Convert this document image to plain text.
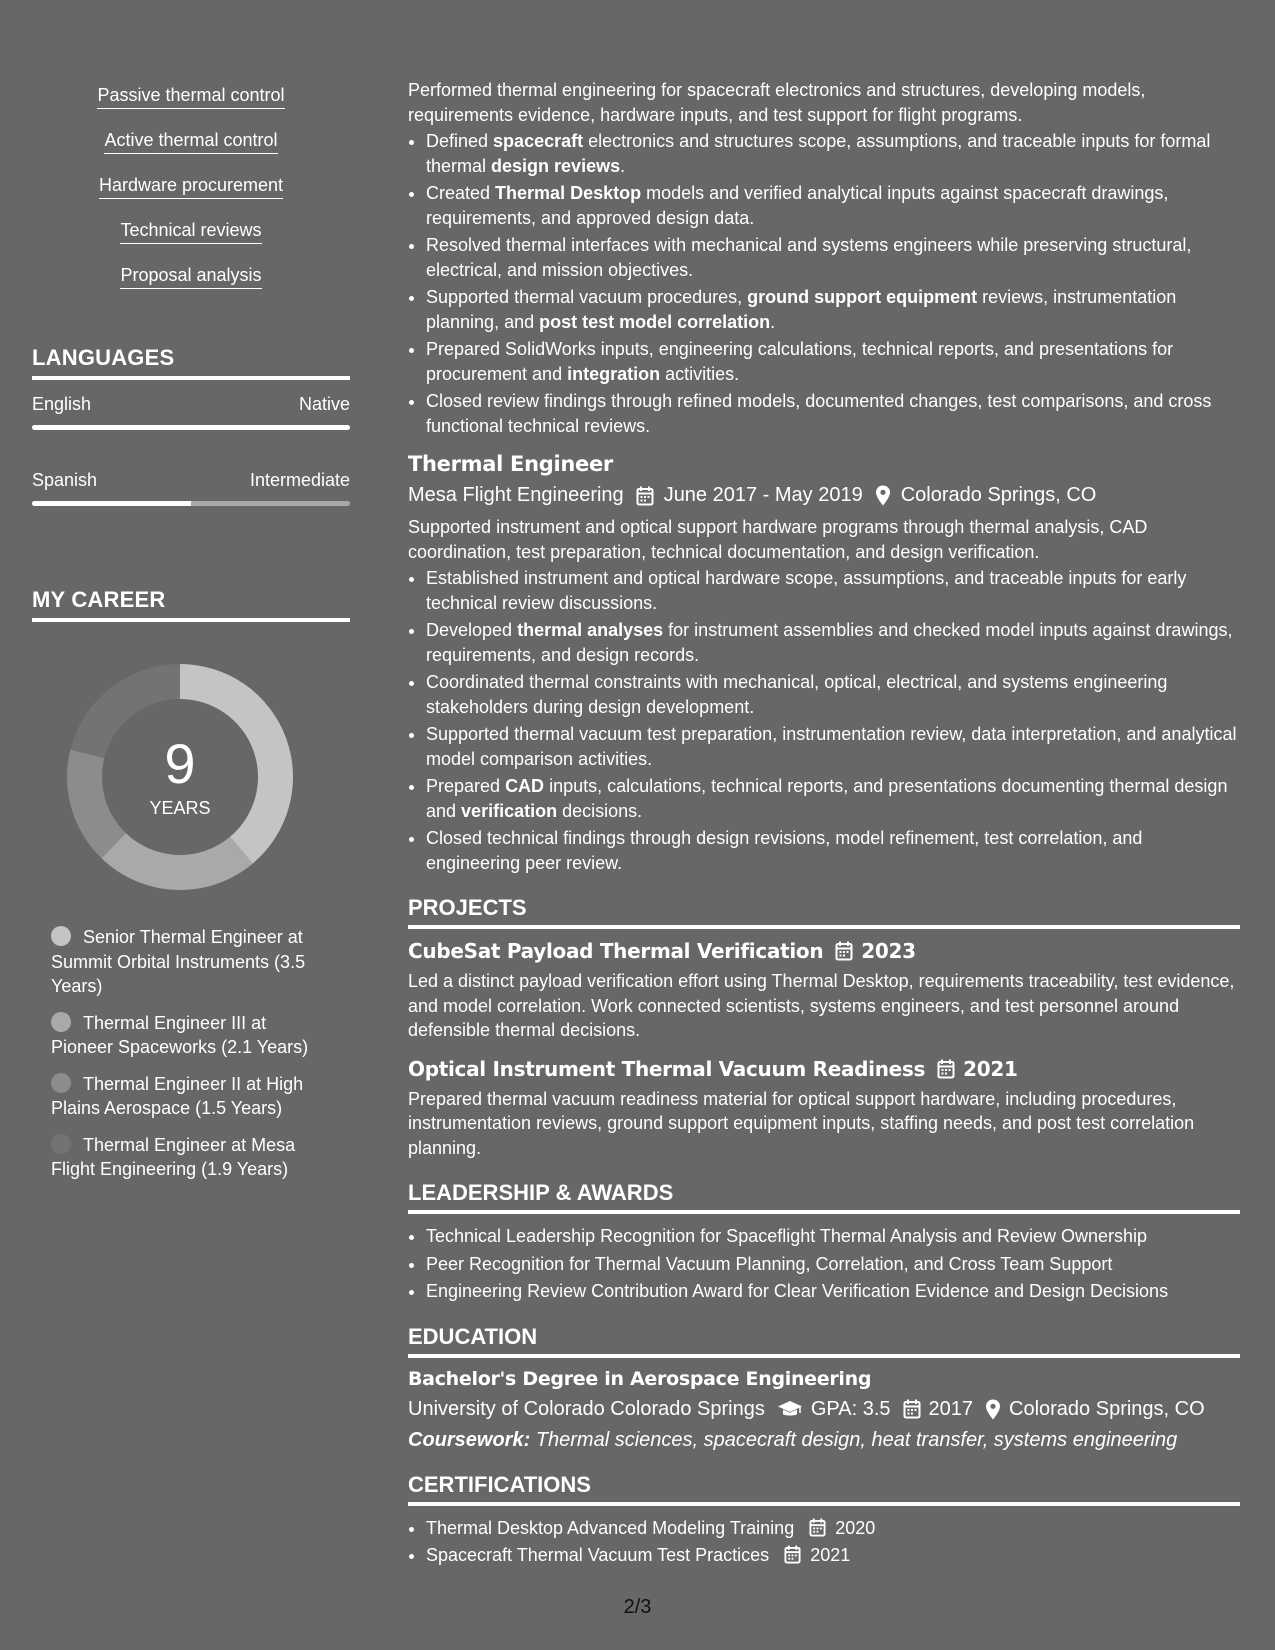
Passive thermal control
Active thermal control
Hardware procurement
Technical reviews
Proposal analysis
LANGUAGES
English	Native
Spanish	Intermediate
MY CAREER
9
YEARS
Senior Thermal Engineer at Summit Orbital Instruments (3.5 Years)
Thermal Engineer III at Pioneer Spaceworks (2.1 Years)
Thermal Engineer II at High Plains Aerospace (1.5 Years)
Thermal Engineer at Mesa Flight Engineering (1.9 Years)

Performed thermal engineering for spacecraft electronics and structures, developing models, requirements evidence, hardware inputs, and test support for flight programs.

• Defined spacecraft electronics and structures scope, assumptions, and traceable inputs for formal thermal design reviews.
• Created Thermal Desktop models and verified analytical inputs against spacecraft drawings, requirements, and approved design data.
• Resolved thermal interfaces with mechanical and systems engineers while preserving structural, electrical, and mission objectives.
• Supported thermal vacuum procedures, ground support equipment reviews, instrumentation planning, and post test model correlation.
• Prepared SolidWorks inputs, engineering calculations, technical reports, and presentations for procurement and integration activities.
• Closed review findings through refined models, documented changes, test comparisons, and cross functional technical reviews.
Thermal Engineer
Mesa Flight Engineering June 2017 - May 2019 Colorado Springs, CO

Supported instrument and optical support hardware programs through thermal analysis, CAD coordination, test preparation, technical documentation, and design verification.

• Established instrument and optical hardware scope, assumptions, and traceable inputs for early technical review discussions.
• Developed thermal analyses for instrument assemblies and checked model inputs against drawings, requirements, and design records.
• Coordinated thermal constraints with mechanical, optical, electrical, and systems engineering stakeholders during design development.
• Supported thermal vacuum test preparation, instrumentation review, data interpretation, and analytical model comparison activities.
• Prepared CAD inputs, calculations, technical reports, and presentations documenting thermal design and verification decisions.
• Closed technical findings through design revisions, model refinement, test correlation, and engineering peer review.
PROJECTS
CubeSat Payload Thermal Verification 2023

Led a distinct payload verification effort using Thermal Desktop, requirements traceability, test evidence, and model correlation. Work connected scientists, systems engineers, and test personnel around defensible thermal decisions.

Optical Instrument Thermal Vacuum Readiness 2021

Prepared thermal vacuum readiness material for optical support hardware, including procedures, instrumentation reviews, ground support equipment inputs, staffing needs, and post test correlation planning.

LEADERSHIP & AWARDS
• Technical Leadership Recognition for Spaceflight Thermal Analysis and Review Ownership
• Peer Recognition for Thermal Vacuum Planning, Correlation, and Cross Team Support
• Engineering Review Contribution Award for Clear Verification Evidence and Design Decisions
EDUCATION
Bachelor's Degree in Aerospace Engineering
University of Colorado Colorado Springs GPA: 3.5 2017 Colorado Springs, CO
Coursework: Thermal sciences, spacecraft design, heat transfer, systems engineering
CERTIFICATIONS
• Thermal Desktop Advanced Modeling Training 2020
• Spacecraft Thermal Vacuum Test Practices 2021
2/3
